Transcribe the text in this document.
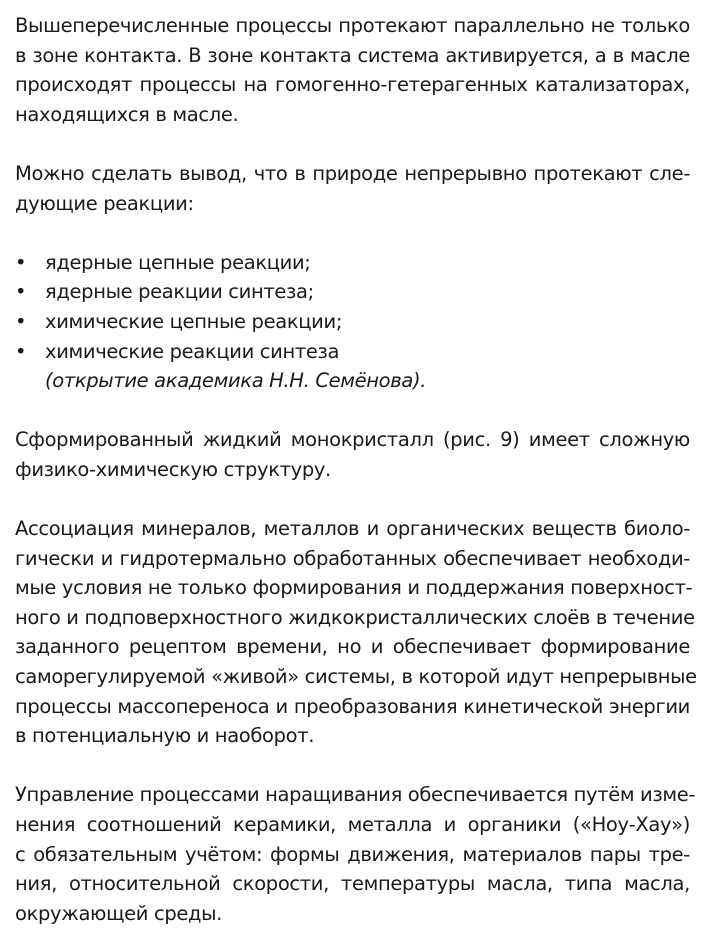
Вышеперечисленные процессы протекают параллельно не только
в зоне контакта. В зоне контакта система активируется, а в масле
происходят процессы на гомогенно-гетерагенных катализаторах,
находящихся в масле.
Можно сделать вывод, что в природе непрерывно протекают сле-
дующие реакции:
• ядерные цепные реакции;
• ядерные реакции синтеза;
• химические цепные реакции;
• химические реакции синтеза
(открытие академика Н.Н. Семёнова).
Сформированный жидкий монокристалл (рис. 9) имеет сложную
физико-химическую структуру.
Ассоциация минералов, металлов и органических веществ биоло-
гически и гидротермально обработанных обеспечивает необходи-
мые условия не только формирования и поддержания поверхност-
ного и подповерхностного жидкокристаллических слоёв в течение
заданного рецептом времени, но и обеспечивает формирование
саморегулируемой «живой» системы, в которой идут непрерывные
процессы массопереноса и преобразования кинетической энергии
в потенциальную и наоборот.
Управление процессами наращивания обеспечивается путём изме-
нения соотношений керамики, металла и органики («Ноу-Хау»)
с обязательным учётом: формы движения, материалов пары тре-
ния, относительной скорости, температуры масла, типа масла,
окружающей среды.
